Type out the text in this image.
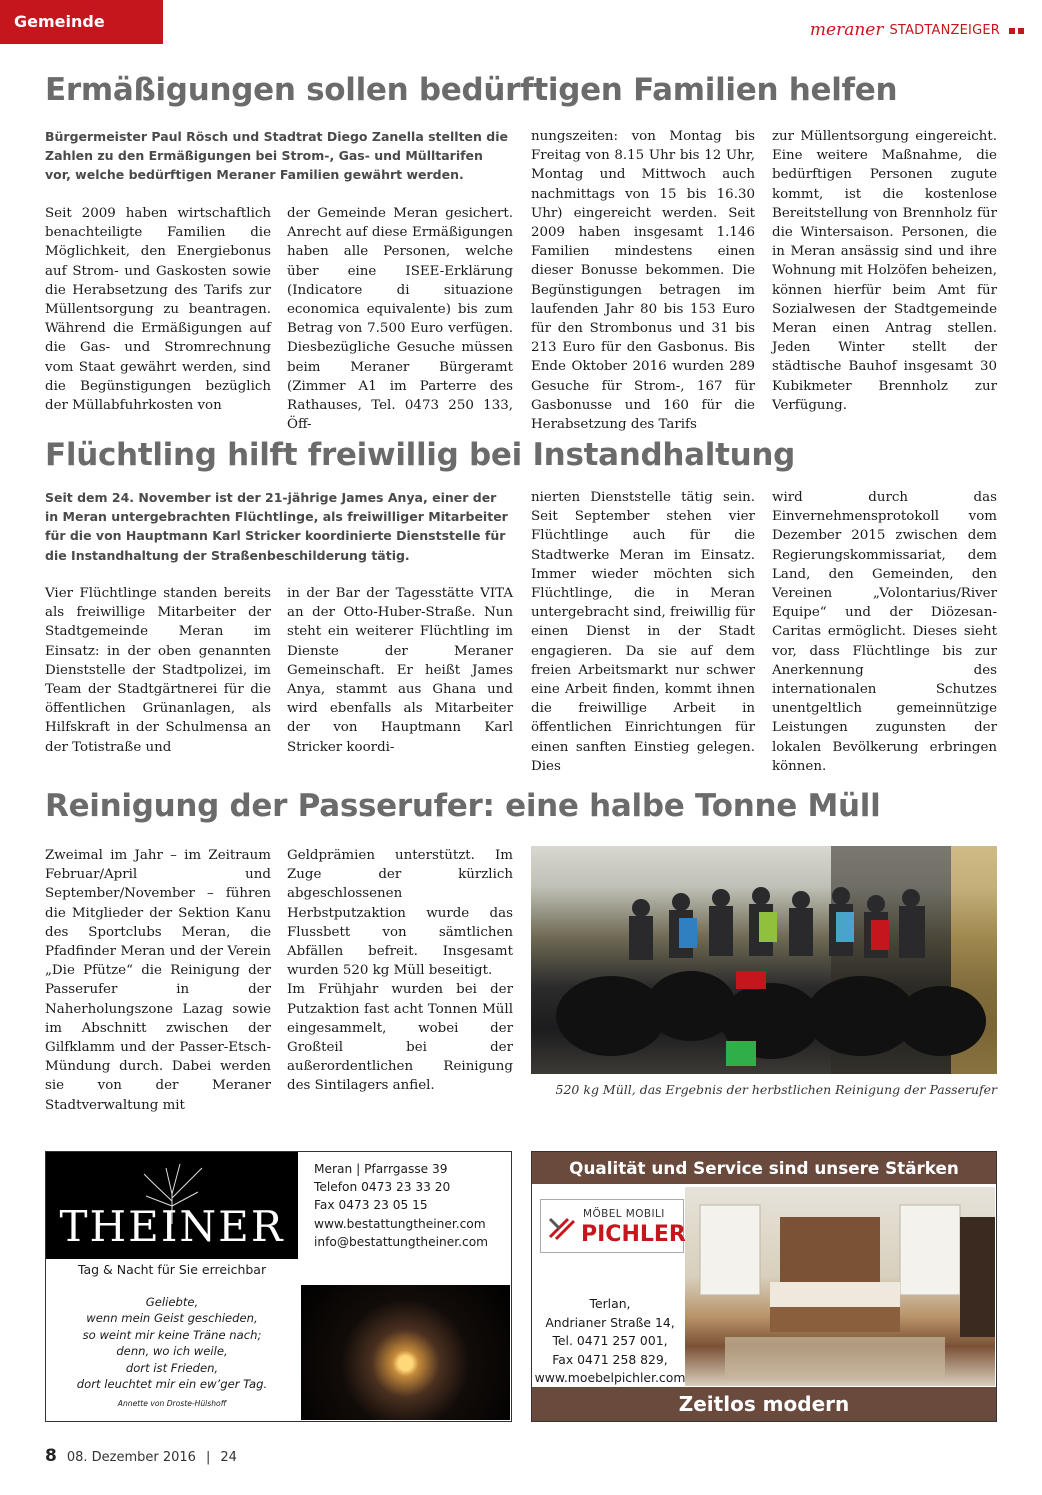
Gemeinde	meraner STADTANZEIGER
Ermäßigungen sollen bedürftigen Familien helfen
Bürgermeister Paul Rösch und Stadtrat Diego Zanella stellten die Zahlen zu den Ermäßigungen bei Strom-, Gas- und Mülltarifen vor, welche bedürftigen Meraner Familien gewährt werden.

Seit 2009 haben wirtschaftlich benachteiligte Familien die Möglichkeit, den Energiebonus auf Strom- und Gaskosten sowie die Herabsetzung des Tarifs zur Müllentsorgung zu beantragen. Während die Ermäßigungen auf die Gas- und Stromrechnung vom Staat gewährt werden, sind die Begünstigungen bezüglich der Müllabfuhrkosten von

der Gemeinde Meran gesichert. Anrecht auf diese Ermäßigungen haben alle Personen, welche über eine ISEE-Erklärung (Indicatore di situazione economica equivalente) bis zum Betrag von 7.500 Euro verfügen. Diesbezügliche Gesuche müssen beim Meraner Bürgeramt (Zimmer A1 im Parterre des Rathauses, Tel. 0473 250 133, Öff-

nungszeiten: von Montag bis Freitag von 8.15 Uhr bis 12 Uhr, Montag und Mittwoch auch nachmittags von 15 bis 16.30 Uhr) eingereicht werden. Seit 2009 haben insgesamt 1.146 Familien mindestens einen dieser Bonusse bekommen. Die Begünstigungen betragen im laufenden Jahr 80 bis 153 Euro für den Strombonus und 31 bis 213 Euro für den Gasbonus. Bis Ende Oktober 2016 wurden 289 Gesuche für Strom-, 167 für Gasbonusse und 160 für die Herabsetzung des Tarifs

zur Müllentsorgung eingereicht. Eine weitere Maßnahme, die bedürftigen Personen zugute kommt, ist die kostenlose Bereitstellung von Brennholz für die Wintersaison. Personen, die in Meran ansässig sind und ihre Wohnung mit Holzöfen beheizen, können hierfür beim Amt für Sozialwesen der Stadtgemeinde Meran einen Antrag stellen. Jeden Winter stellt der städtische Bauhof insgesamt 30 Kubikmeter Brennholz zur Verfügung.

Flüchtling hilft freiwillig bei Instandhaltung
Seit dem 24. November ist der 21-jährige James Anya, einer der in Meran untergebrachten Flüchtlinge, als freiwilliger Mitarbeiter für die von Hauptmann Karl Stricker koordinierte Dienststelle für die Instandhaltung der Straßenbeschilderung tätig.

Vier Flüchtlinge standen bereits als freiwillige Mitarbeiter der Stadtgemeinde Meran im Einsatz: in der oben genannten Dienststelle der Stadtpolizei, im Team der Stadtgärtnerei für die öffentlichen Grünanlagen, als Hilfskraft in der Schulmensa an der Totistraße und

in der Bar der Tagesstätte VITA an der Otto-Huber-Straße. Nun steht ein weiterer Flüchtling im Dienste der Meraner Gemeinschaft. Er heißt James Anya, stammt aus Ghana und wird ebenfalls als Mitarbeiter der von Hauptmann Karl Stricker koordi-

nierten Dienststelle tätig sein. Seit September stehen vier Flüchtlinge auch für die Stadtwerke Meran im Einsatz. Immer wieder möchten sich Flüchtlinge, die in Meran untergebracht sind, freiwillig für einen Dienst in der Stadt engagieren. Da sie auf dem freien Arbeitsmarkt nur schwer eine Arbeit finden, kommt ihnen die freiwillige Arbeit in öffentlichen Einrichtungen für einen sanften Einstieg gelegen. Dies

wird durch das Einvernehmensprotokoll vom Dezember 2015 zwischen dem Regierungskommissariat, dem Land, den Gemeinden, den Vereinen „Volontarius/River Equipe“ und der Diözesan-Caritas ermöglicht. Dieses sieht vor, dass Flüchtlinge bis zur Anerkennung des internationalen Schutzes unentgeltlich gemeinnützige Leistungen zugunsten der lokalen Bevölkerung erbringen können.

Reinigung der Passerufer: eine halbe Tonne Müll

Zweimal im Jahr – im Zeitraum Februar/April und September/November – führen die Mitglieder der Sektion Kanu des Sportclubs Meran, die Pfadfinder Meran und der Verein „Die Pfütze“ die Reinigung der Passerufer in der Naherholungszone Lazag sowie im Abschnitt zwischen der Gilfklamm und der Passer-Etsch-Mündung durch. Dabei werden sie von der Meraner Stadtverwaltung mit

Geldprämien unterstützt. Im Zuge der kürzlich abgeschlossenen Herbstputzaktion wurde das Flussbett von sämtlichen Abfällen befreit. Insgesamt wurden 520 kg Müll beseitigt.

Im Frühjahr wurden bei der Putzaktion fast acht Tonnen Müll eingesammelt, wobei der Großteil bei der außerordentlichen Reinigung des Sintilagers anfiel.	520 kg Müll, das Ergebnis der herbstlichen Reinigung der Passerufer
THEINER
Meran | Pfarrgasse 39
Telefon 0473 23 33 20
Fax 0473 23 05 15
www.bestattungtheiner.com
info@bestattungtheiner.com
Tag & Nacht für Sie erreichbar
Geliebte,
wenn mein Geist geschieden,
so weint mir keine Träne nach;
denn, wo ich weile,
dort ist Frieden,
dort leuchtet mir ein ew’ger Tag.
Annette von Droste-Hülshoff
Qualität und Service sind unsere Stärken
MÖBEL MOBILI
PICHLER
Terlan,
Andrianer Straße 14,
Tel. 0471 257 001,
Fax 0471 258 829,
www.moebelpichler.com
Zeitlos modern
8 08. Dezember 2016 | 24
